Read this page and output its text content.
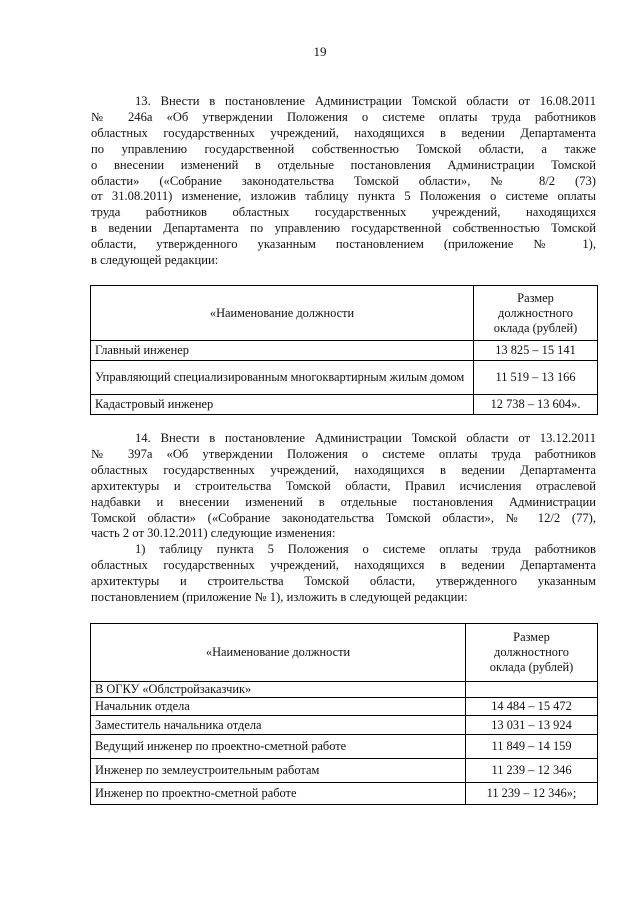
19
13. Внести в постановление Администрации Томской области от 16.08.2011
№ 246а «Об утверждении Положения о системе оплаты труда работников
областных государственных учреждений, находящихся в ведении Департамента
по управлению государственной собственностью Томской области, а также
о внесении изменений в отдельные постановления Администрации Томской
области» («Собрание законодательства Томской области», № 8/2 (73)
от 31.08.2011) изменение, изложив таблицу пункта 5 Положения о системе оплаты
труда работников областных государственных учреждений, находящихся
в ведении Департамента по управлению государственной собственностью Томской
области, утвержденного указанным постановлением (приложение № 1),
в следующей редакции:
«Наименование должности	Размер
должностного
оклада (рублей)

Главный инженер	13 825 – 15 141
Управляющий специализированным многоквартирным жилым домом	11 519 – 13 166
Кадастровый инженер	12 738 – 13 604».
14. Внести в постановление Администрации Томской области от 13.12.2011
№ 397а «Об утверждении Положения о системе оплаты труда работников
областных государственных учреждений, находящихся в ведении Департамента
архитектуры и строительства Томской области, Правил исчисления отраслевой
надбавки и внесении изменений в отдельные постановления Администрации
Томской области» («Собрание законодательства Томской области», № 12/2 (77),
часть 2 от 30.12.2011) следующие изменения:
1) таблицу пункта 5 Положения о системе оплаты труда работников
областных государственных учреждений, находящихся в ведении Департамента
архитектуры и строительства Томской области, утвержденного указанным
постановлением (приложение № 1), изложить в следующей редакции:
«Наименование должности	Размер
должностного
оклада (рублей)

В ОГКУ «Облстройзаказчик»	
Начальник отдела	14 484 – 15 472
Заместитель начальника отдела	13 031 – 13 924
Ведущий инженер по проектно-сметной работе	11 849 – 14 159
Инженер по землеустроительным работам	11 239 – 12 346
Инженер по проектно-сметной работе	11 239 – 12 346»;
